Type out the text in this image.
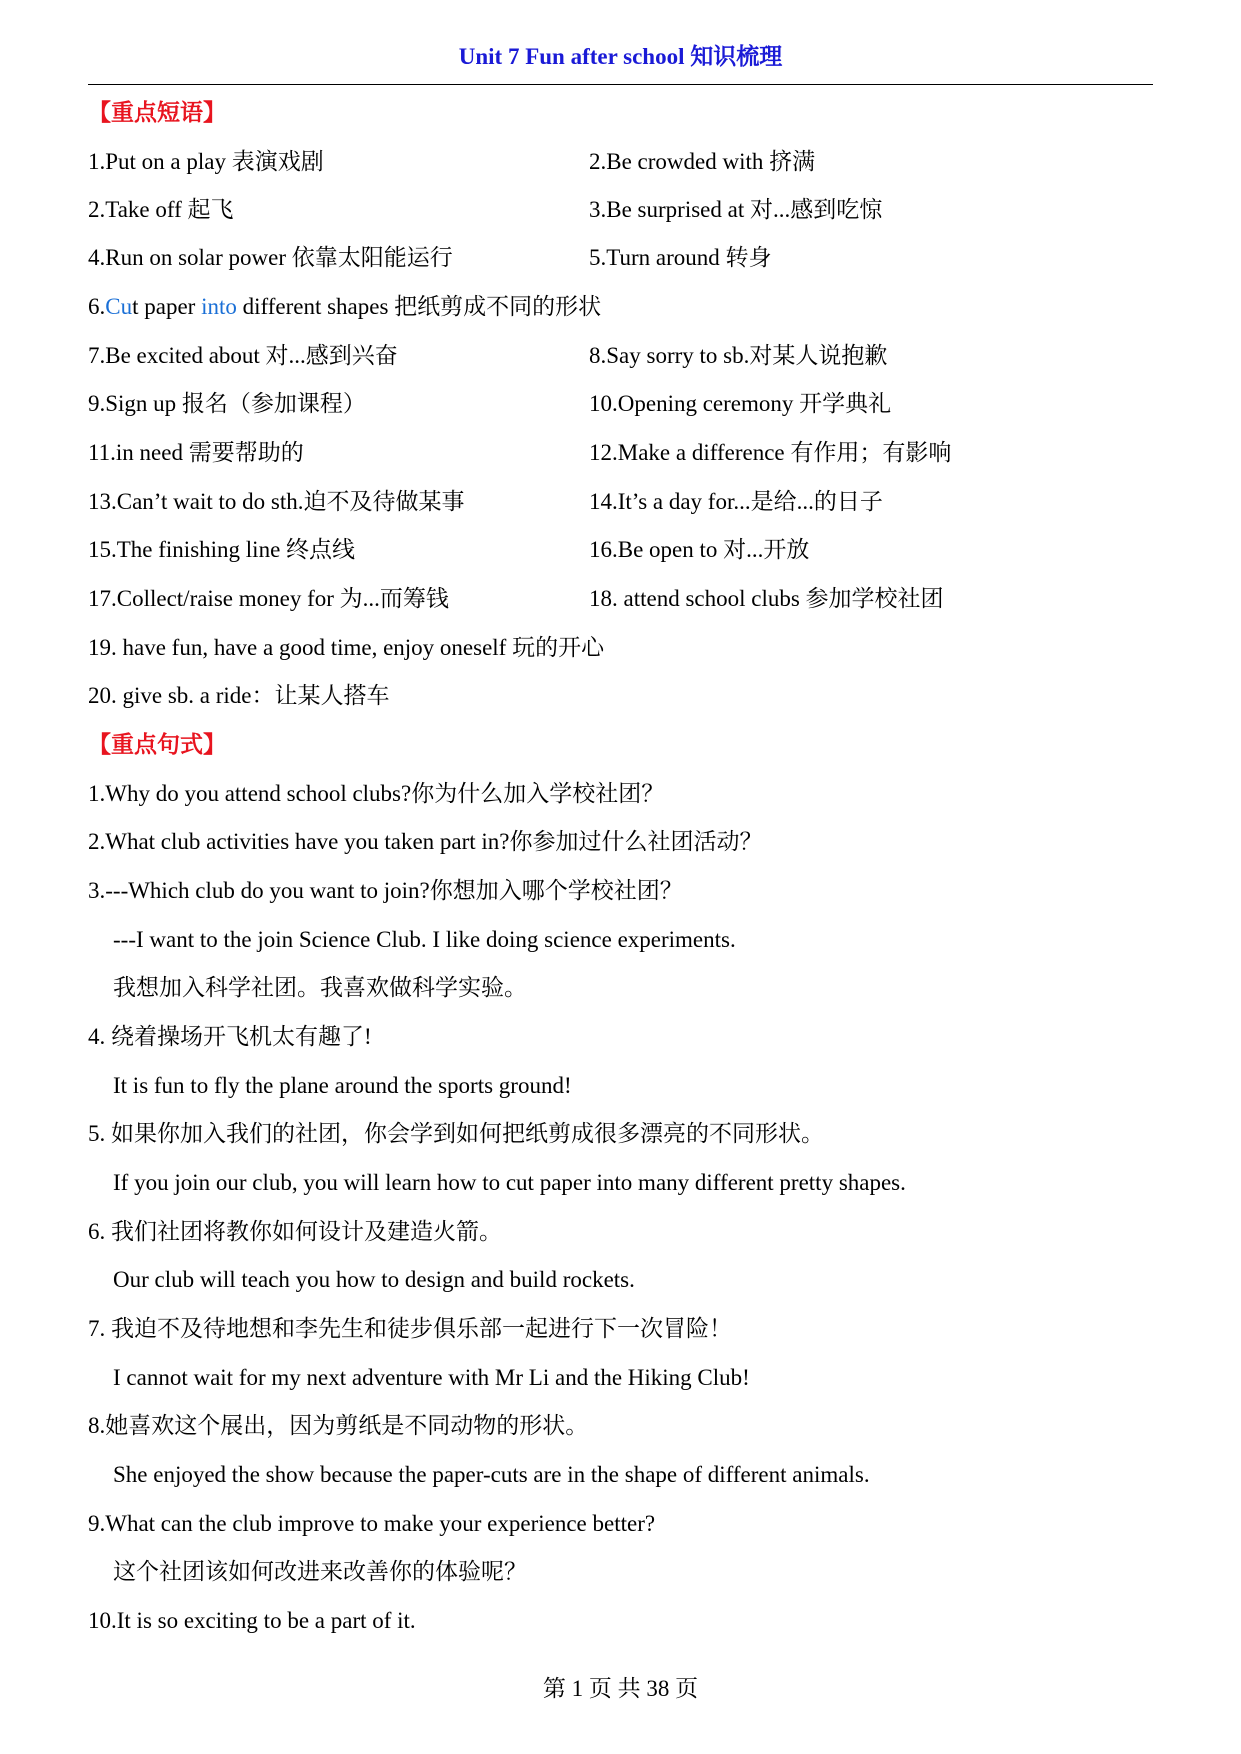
Unit 7 Fun after school 知识梳理
【重点短语】
1.Put on a play 表演戏剧	2.Be crowded with 挤满
2.Take off 起飞	3.Be surprised at 对...感到吃惊
4.Run on solar power 依靠太阳能运行	5.Turn around 转身
6.Cut paper into different shapes 把纸剪成不同的形状
7.Be excited about 对...感到兴奋	8.Say sorry to sb.对某人说抱歉
9.Sign up 报名（参加课程）	10.Opening ceremony 开学典礼
11.in need 需要帮助的	12.Make a difference 有作用；有影响
13.Can’t wait to do sth.迫不及待做某事	14.It’s a day for...是给...的日子
15.The finishing line 终点线	16.Be open to 对...开放
17.Collect/raise money for 为...而筹钱	18. attend school clubs 参加学校社团
19. have fun, have a good time, enjoy oneself 玩的开心
20. give sb. a ride：让某人搭车
【重点句式】
1.Why do you attend school clubs?你为什么加入学校社团？
2.What club activities have you taken part in?你参加过什么社团活动？
3.---Which club do you want to join?你想加入哪个学校社团？
---I want to the join Science Club. I like doing science experiments.
我想加入科学社团。我喜欢做科学实验。
4. 绕着操场开飞机太有趣了!
It is fun to fly the plane around the sports ground!
5. 如果你加入我们的社团，你会学到如何把纸剪成很多漂亮的不同形状。
If you join our club, you will learn how to cut paper into many different pretty shapes.
6. 我们社团将教你如何设计及建造火箭。
Our club will teach you how to design and build rockets.
7. 我迫不及待地想和李先生和徒步俱乐部一起进行下一次冒险！
I cannot wait for my next adventure with Mr Li and the Hiking Club!
8.她喜欢这个展出，因为剪纸是不同动物的形状。
She enjoyed the show because the paper-cuts are in the shape of different animals.
9.What can the club improve to make your experience better?
这个社团该如何改进来改善你的体验呢？
10.It is so exciting to be a part of it.
第 1 页 共 38 页
